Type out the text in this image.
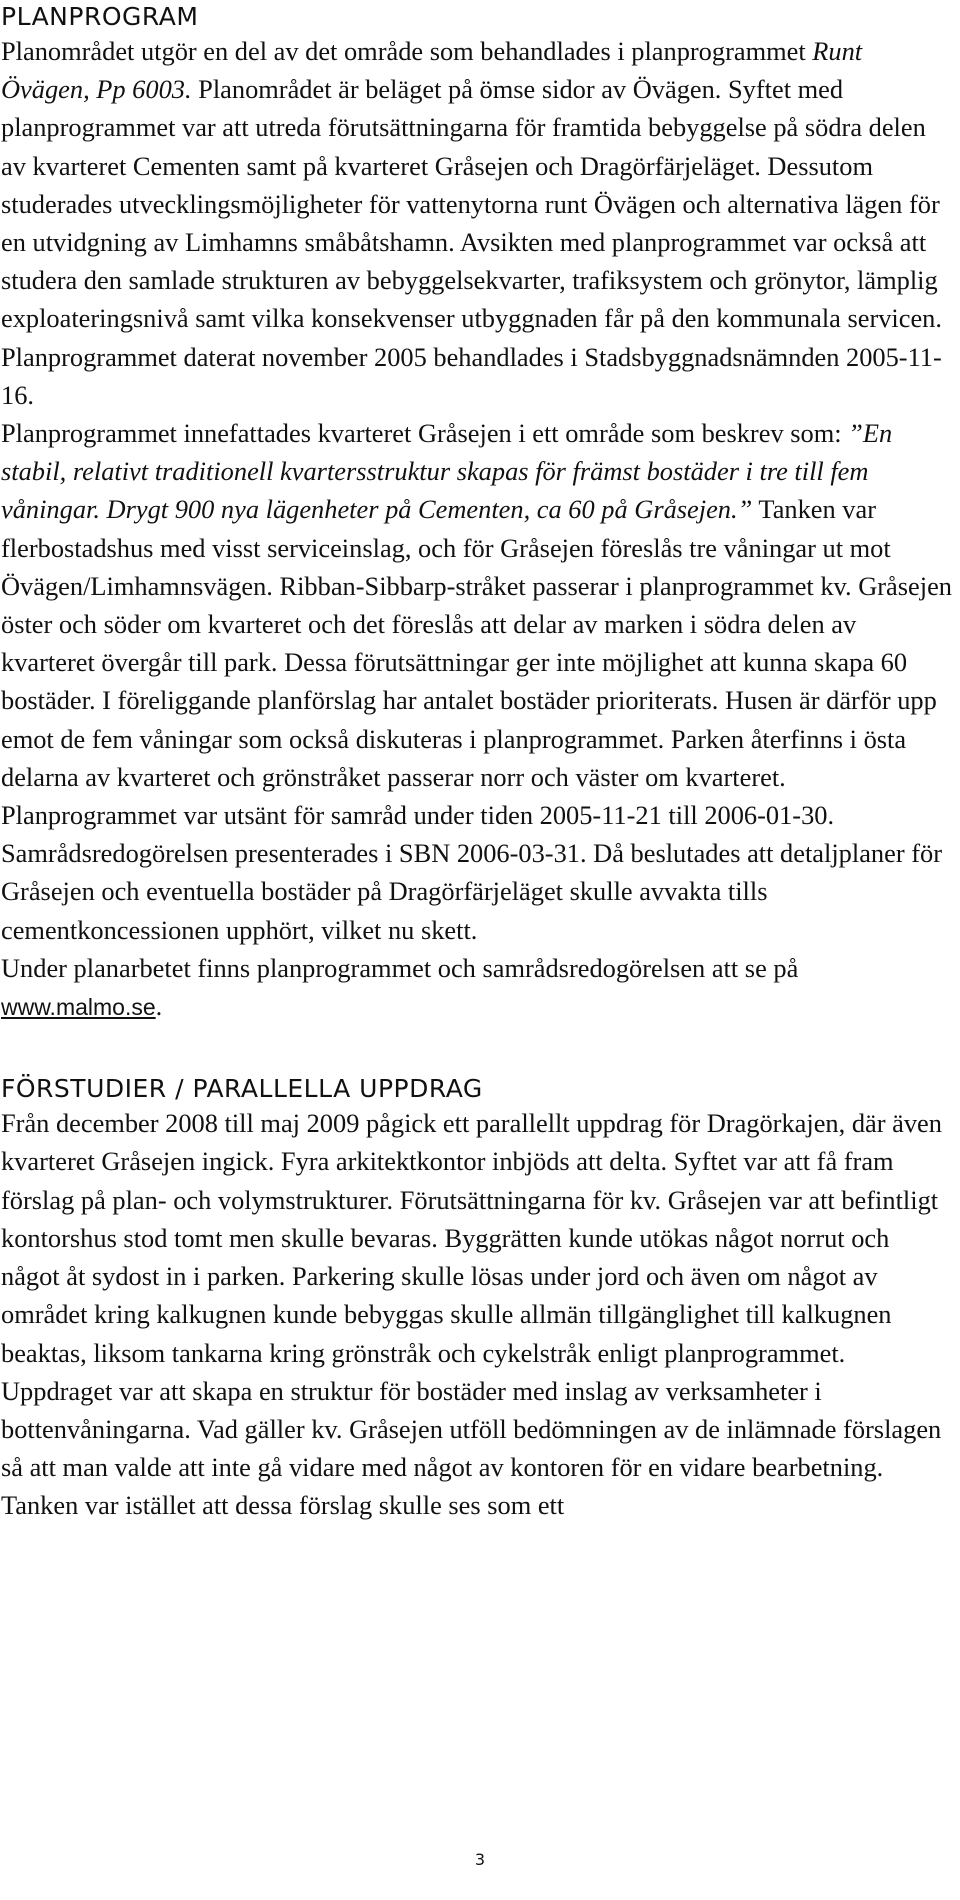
PLANPROGRAM

Planområdet utgör en del av det område som behandlades i planprogrammet Runt Övägen, Pp 6003. Planområdet är beläget på ömse sidor av Övägen. Syftet med planprogrammet var att utreda förutsättningarna för framtida bebyggelse på södra delen av kvarteret Cementen samt på kvarteret Gråsejen och Dragörfärjeläget. Dessutom studerades utvecklingsmöjligheter för vattenytorna runt Övägen och alternativa lägen för en utvidgning av Limhamns småbåtshamn. Avsikten med planprogrammet var också att studera den samlade strukturen av bebyggelsekvarter, trafiksystem och grönytor, lämplig exploateringsnivå samt vilka konsekvenser utbyggnaden får på den kommunala servicen.

Planprogrammet daterat november 2005 behandlades i Stadsbyggnadsnämnden 2005-11-16.

Planprogrammet innefattades kvarteret Gråsejen i ett område som beskrev som: ”En stabil, relativt traditionell kvartersstruktur skapas för främst bostäder i tre till fem våningar. Drygt 900 nya lägenheter på Cementen, ca 60 på Gråsejen.” Tanken var flerbostadshus med visst serviceinslag, och för Gråsejen föreslås tre våningar ut mot Övägen/Limhamnsvägen. Ribban-Sibbarp-stråket passerar i planprogrammet kv. Gråsejen öster och söder om kvarteret och det föreslås att delar av marken i södra delen av kvarteret övergår till park. Dessa förutsättningar ger inte möjlighet att kunna skapa 60 bostäder. I föreliggande planförslag har antalet bostäder prioriterats. Husen är därför upp emot de fem våningar som också diskuteras i planprogrammet. Parken återfinns i östa delarna av kvarteret och grönstråket passerar norr och väster om kvarteret.

Planprogrammet var utsänt för samråd under tiden 2005-11-21 till 2006-01-30. Samrådsredogörelsen presenterades i SBN 2006-03-31. Då beslutades att detaljplaner för Gråsejen och eventuella bostäder på Dragörfärjeläget skulle avvakta tills cementkoncessionen upphört, vilket nu skett.

Under planarbetet finns planprogrammet och samrådsredogörelsen att se på www.malmo.se.

FÖRSTUDIER / PARALLELLA UPPDRAG

Från december 2008 till maj 2009 pågick ett parallellt uppdrag för Dragörkajen, där även kvarteret Gråsejen ingick. Fyra arkitektkontor inbjöds att delta. Syftet var att få fram förslag på plan- och volymstrukturer. Förutsättningarna för kv. Gråsejen var att befintligt kontorshus stod tomt men skulle bevaras. Byggrätten kunde utökas något norrut och något åt sydost in i parken. Parkering skulle lösas under jord och även om något av området kring kalkugnen kunde bebyggas skulle allmän tillgänglighet till kalkugnen beaktas, liksom tankarna kring grönstråk och cykelstråk enligt planprogrammet. Uppdraget var att skapa en struktur för bostäder med inslag av verksamheter i bottenvåningarna. Vad gäller kv. Gråsejen utföll bedömningen av de inlämnade förslagen så att man valde att inte gå vidare med något av kontoren för en vidare bearbetning. Tanken var istället att dessa förslag skulle ses som ett

3
